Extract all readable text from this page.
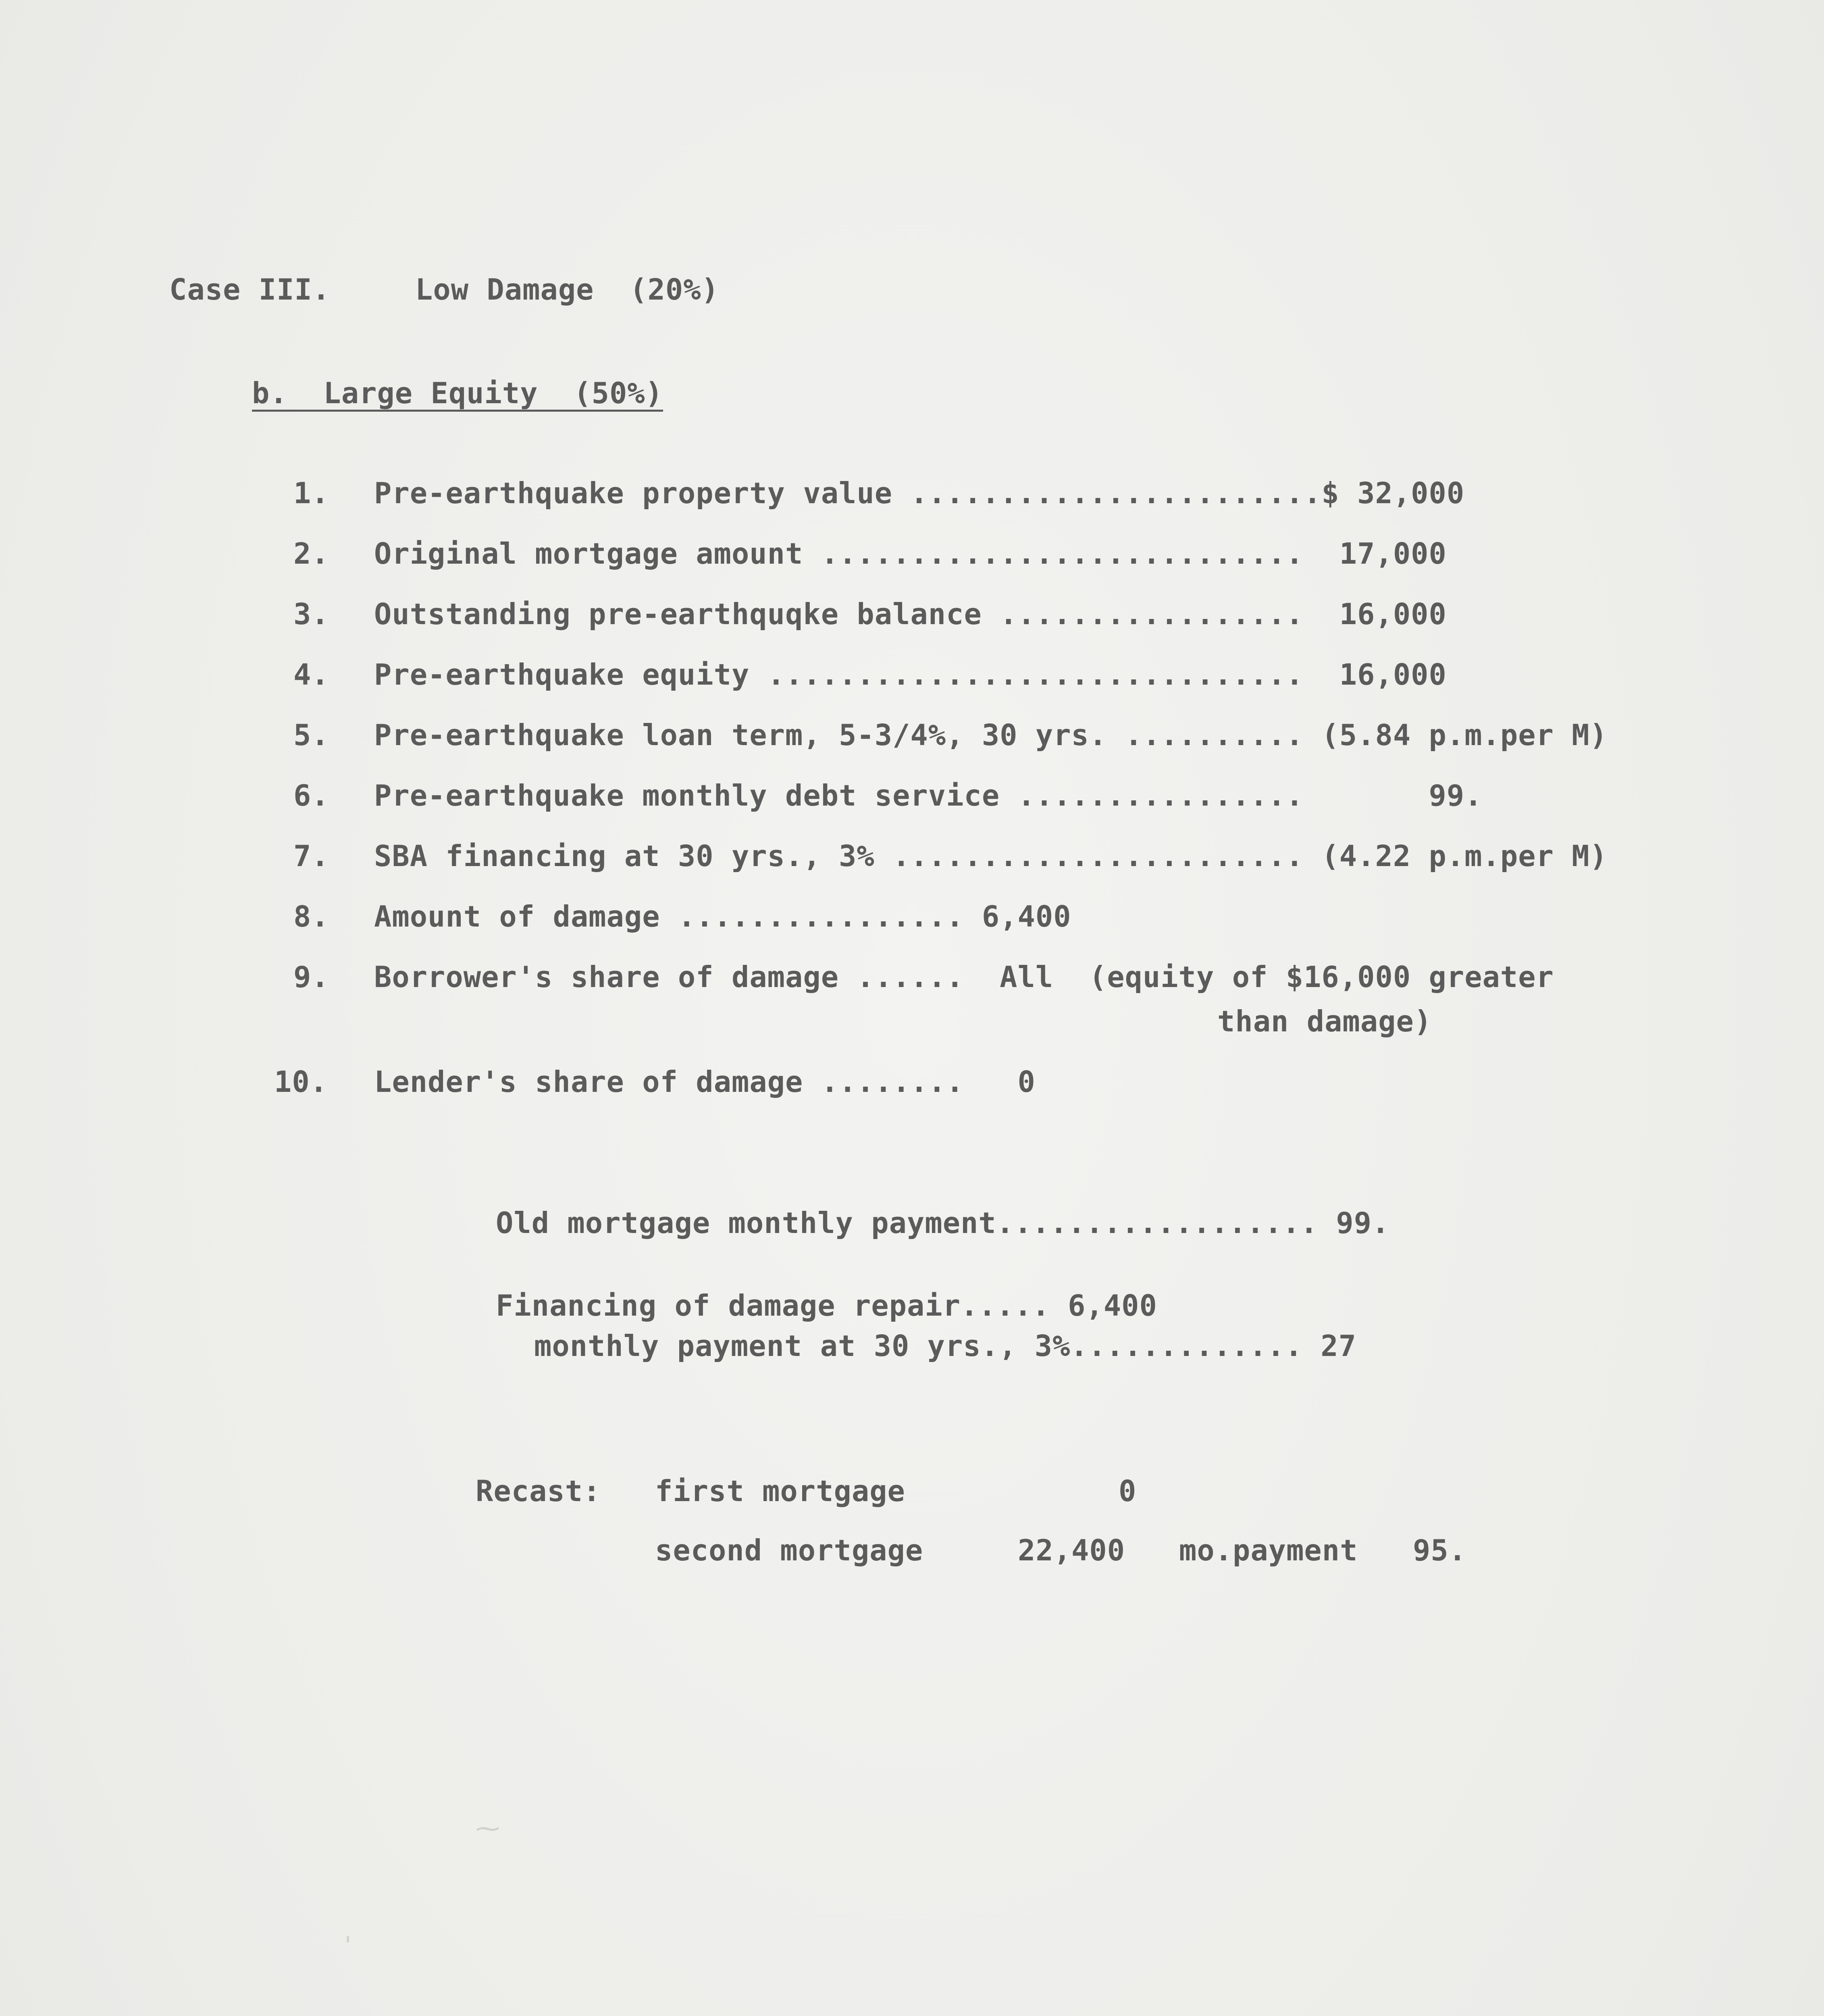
Case III.	Low Damage  (20%)
b.  Large Equity  (50%)
1. Pre-earthquake property value .......................$ 32,000
2. Original mortgage amount ...........................  17,000
3. Outstanding pre-earthquqke balance .................  16,000
4. Pre-earthquake equity ..............................  16,000
5. Pre-earthquake loan term, 5-3/4%, 30 yrs. .......... (5.84 p.m.per M)
6. Pre-earthquake monthly debt service ................       99.
7. SBA financing at 30 yrs., 3% ....................... (4.22 p.m.per M)
8. Amount of damage ................ 6,400
9. Borrower's share of damage ......  All  (equity of $16,000 greater
than damage)
10. Lender's share of damage ........   0
Old mortgage monthly payment.................. 99.
Financing of damage repair..... 6,400
monthly payment at 30 yrs., 3%............. 27
Recast: first mortgage	0
second mortgage	22,400 mo.payment 95.
⁓
'
